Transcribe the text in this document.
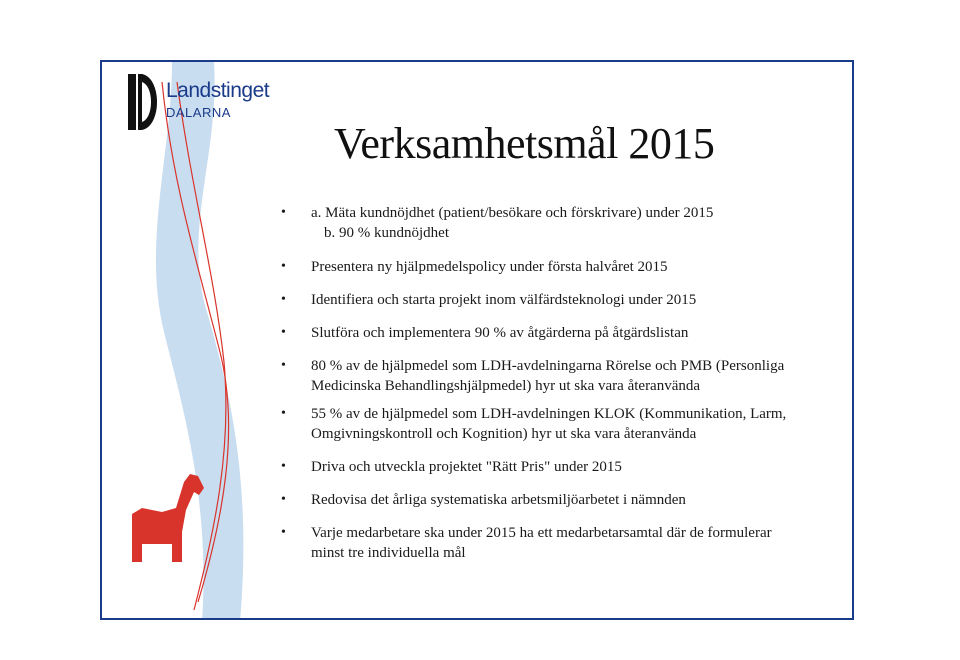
Landstinget
DALARNA
Verksamhetsmål 2015
• a. Mäta kundnöjdhet (patient/besökare och förskrivare) under 2015
b. 90 % kundnöjdhet
• Presentera ny hjälpmedelspolicy under första halvåret 2015
• Identifiera och starta projekt inom välfärdsteknologi under 2015
• Slutföra och implementera 90 % av åtgärderna på åtgärdslistan
• 80 % av de hjälpmedel som LDH-avdelningarna Rörelse och PMB (Personliga
Medicinska Behandlingshjälpmedel) hyr ut ska vara återanvända
• 55 % av de hjälpmedel som LDH-avdelningen KLOK (Kommunikation, Larm,
Omgivningskontroll och Kognition) hyr ut ska vara återanvända
• Driva och utveckla projektet "Rätt Pris" under 2015
• Redovisa det årliga systematiska arbetsmiljöarbetet i nämnden
• Varje medarbetare ska under 2015 ha ett medarbetarsamtal där de formulerar
minst tre individuella mål
